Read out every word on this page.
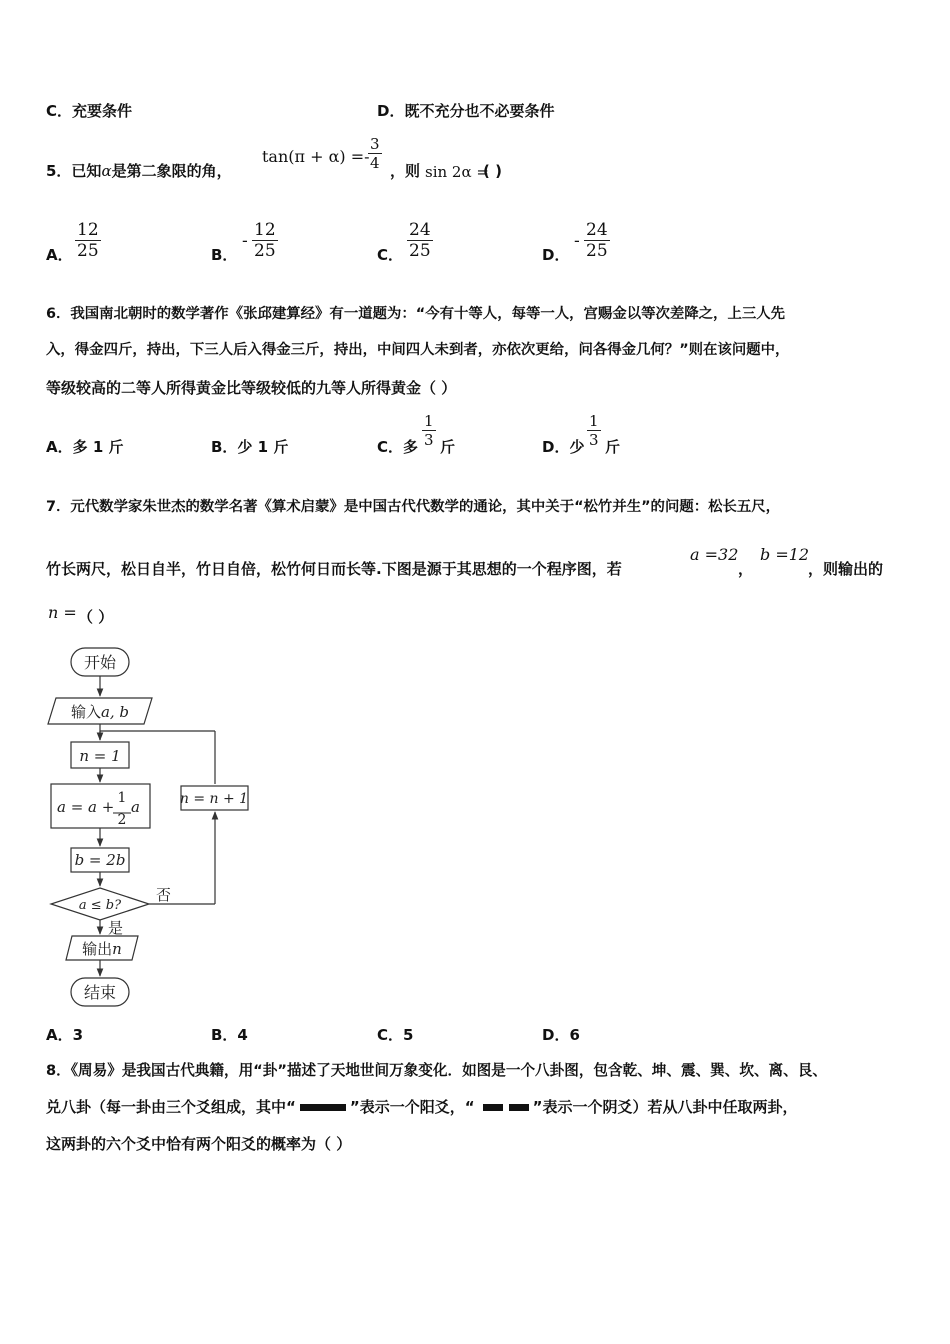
C．充要条件	D．既不充分也不必要条件
5．已知α是第二象限的角，
tan(π + α) =-
$\frac{3}{4}$ ，则 sin 2α =
( )
A． $\frac{12}{25}$	B．
- $\frac{12}{25}$	C． $\frac{24}{25}$	D．
- $\frac{24}{25}$
6．我国南北朝时的数学著作《张邱建算经》有一道题为：“今有十等人，每等一人，宫赐金以等次差降之，上三人先
入，得金四斤，持出，下三人后入得金三斤，持出，中间四人未到者，亦依次更给，问各得金几何？”则在该问题中，
等级较高的二等人所得黄金比等级较低的九等人所得黄金（ ）
A．多 1 斤	B．少 1 斤	C．多 $\frac{1}{3}$ 斤	D．少 $\frac{1}{3}$ 斤
7．元代数学家朱世杰的数学名著《算术启蒙》是中国古代代数学的通论，其中关于“松竹并生”的问题：松长五尺，
竹长两尺，松日自半，竹日自倍，松竹何日而长等.下图是源于其思想的一个程序图，若
a =32
，
b =12
，则输出的
n = （ ）
开始
输入a, b
n = 1
a = a + 1
2
a
b = 2b
a ≤ b?
否
是
n = n + 1
输出n
结束
A．3	B．4	C．5	D．6
8．《周易》是我国古代典籍，用“卦”描述了天地世间万象变化．如图是一个八卦图，包含乾、坤、震、巽、坎、离、艮、
兑八卦（每一卦由三个爻组成，其中“	”表示一个阳爻，“	”表示一个阴爻）若从八卦中任取两卦，
这两卦的六个爻中恰有两个阳爻的概率为（ ）
